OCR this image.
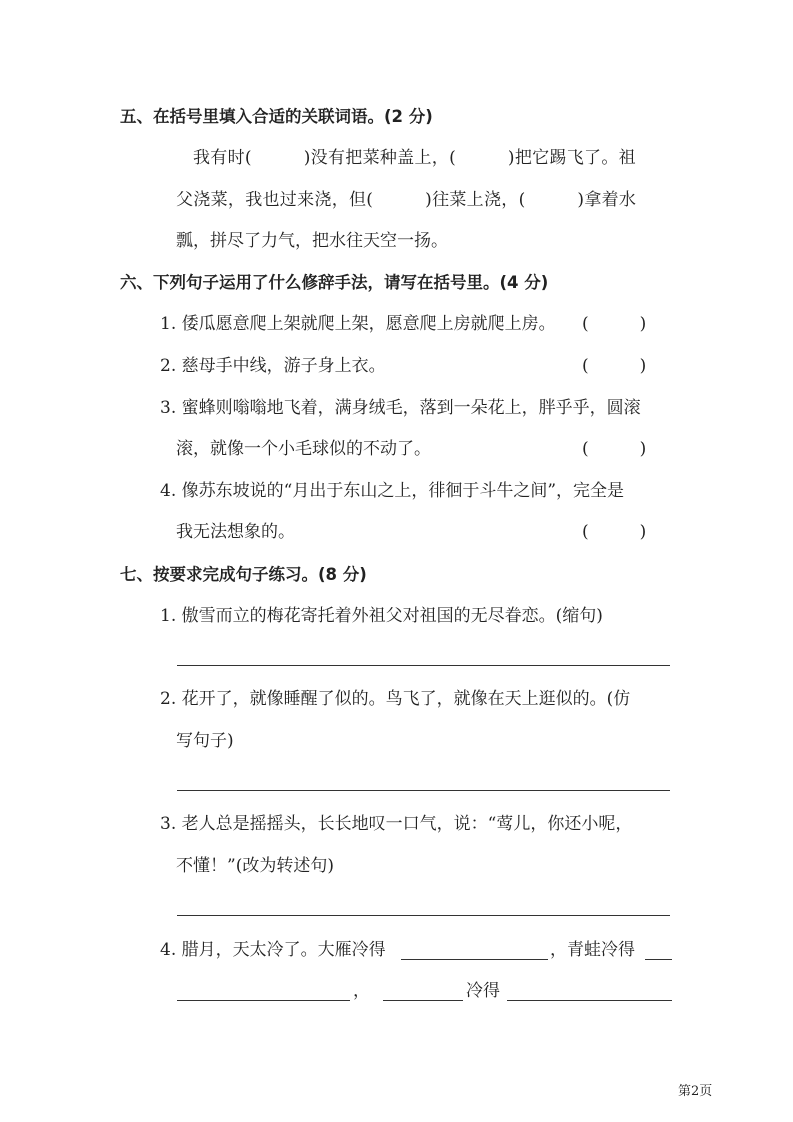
五、在括号里填入合适的关联词语。(2 分)
我有时(　　　)没有把菜种盖上，(　　　)把它踢飞了。祖
父浇菜，我也过来浇，但(　　　)往菜上浇，(　　　)拿着水
瓢，拼尽了力气，把水往天空一扬。
六、下列句子运用了什么修辞手法，请写在括号里。(4 分)
1. 倭瓜愿意爬上架就爬上架，愿意爬上房就爬上房。 (　　　)
2. 慈母手中线，游子身上衣。	(　　　)
3. 蜜蜂则嗡嗡地飞着，满身绒毛，落到一朵花上，胖乎乎，圆滚
滚，就像一个小毛球似的不动了。	(　　　)
4. 像苏东坡说的“月出于东山之上，徘徊于斗牛之间”，完全是
我无法想象的。	(　　　)
七、按要求完成句子练习。(8 分)
1. 傲雪而立的梅花寄托着外祖父对祖国的无尽眷恋。(缩句)
2. 花开了，就像睡醒了似的。鸟飞了，就像在天上逛似的。(仿
写句子)
3. 老人总是摇摇头，长长地叹一口气，说：“莺儿，你还小呢，
不懂！”(改为转述句)
4. 腊月，天太冷了。大雁冷得	，青蛙冷得
，	冷得
第2页
